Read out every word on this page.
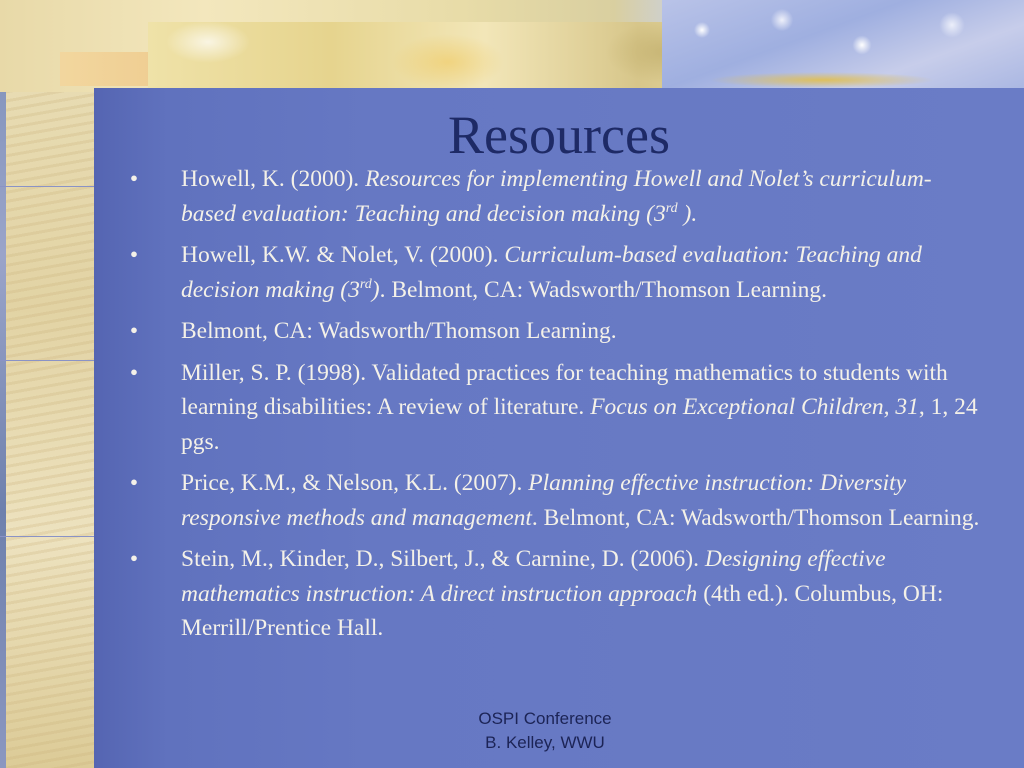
Resources
• Howell, K. (2000). Resources for implementing Howell and Nolet’s curriculum-based evaluation: Teaching and decision making (3rd ).
• Howell, K.W. & Nolet, V. (2000). Curriculum-based evaluation: Teaching and decision making (3rd). Belmont, CA: Wadsworth/Thomson Learning.
• Belmont, CA: Wadsworth/Thomson Learning.
• Miller, S. P. (1998). Validated practices for teaching mathematics to students with learning disabilities: A review of literature. Focus on Exceptional Children, 31, 1, 24 pgs.
• Price, K.M., & Nelson, K.L. (2007). Planning effective instruction: Diversity responsive methods and management. Belmont, CA: Wadsworth/Thomson Learning.
• Stein, M., Kinder, D., Silbert, J., & Carnine, D. (2006). Designing effective mathematics instruction: A direct instruction approach (4th ed.). Columbus, OH: Merrill/Prentice Hall.
OSPI Conference
B. Kelley, WWU
